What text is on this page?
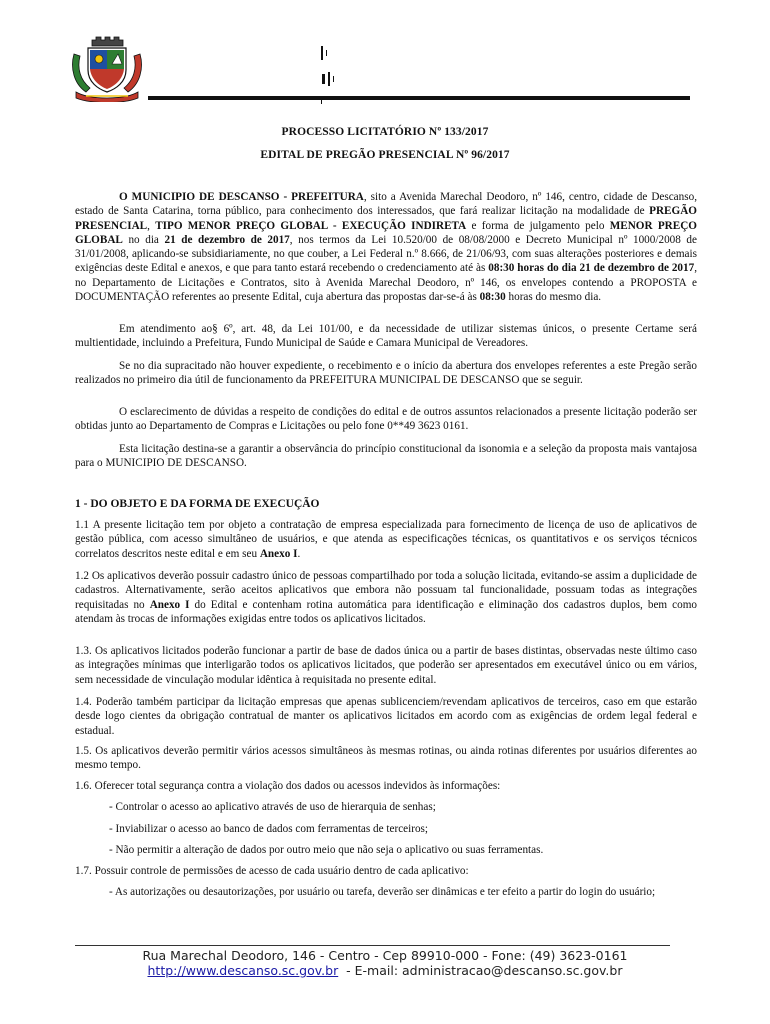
PROCESSO LICITATÓRIO Nº 133/2017
EDITAL DE PREGÃO PRESENCIAL Nº 96/2017

O MUNICIPIO DE DESCANSO - PREFEITURA, sito a Avenida Marechal Deodoro, nº 146, centro, cidade de Descanso, estado de Santa Catarina, torna público, para conhecimento dos interessados, que fará realizar licitação na modalidade de PREGÃO PRESENCIAL, TIPO MENOR PREÇO GLOBAL - EXECUÇÃO INDIRETA e forma de julgamento pelo MENOR PREÇO GLOBAL no dia 21 de dezembro de 2017, nos termos da Lei 10.520/00 de 08/08/2000 e Decreto Municipal nº 1000/2008 de 31/01/2008, aplicando-se subsidiariamente, no que couber, a Lei Federal n.º 8.666, de 21/06/93, com suas alterações posteriores e demais exigências deste Edital e anexos, e que para tanto estará recebendo o credenciamento até às 08:30 horas do dia 21 de dezembro de 2017, no Departamento de Licitações e Contratos, sito à Avenida Marechal Deodoro, nº 146, os envelopes contendo a PROPOSTA e DOCUMENTAÇÃO referentes ao presente Edital, cuja abertura das propostas dar-se-á às 08:30 horas do mesmo dia.

Em atendimento ao§ 6º, art. 48, da Lei 101/00, e da necessidade de utilizar sistemas únicos, o presente Certame será multientidade, incluindo a Prefeitura, Fundo Municipal de Saúde e Camara Municipal de Vereadores.

Se no dia supracitado não houver expediente, o recebimento e o início da abertura dos envelopes referentes a este Pregão serão realizados no primeiro dia útil de funcionamento da PREFEITURA MUNICIPAL DE DESCANSO que se seguir.

O esclarecimento de dúvidas a respeito de condições do edital e de outros assuntos relacionados a presente licitação poderão ser obtidas junto ao Departamento de Compras e Licitações ou pelo fone 0**49 3623 0161.

Esta licitação destina-se a garantir a observância do princípio constitucional da isonomia e a seleção da proposta mais vantajosa para o MUNICIPIO DE DESCANSO.

1 - DO OBJETO E DA FORMA DE EXECUÇÃO

1.1 A presente licitação tem por objeto a contratação de empresa especializada para fornecimento de licença de uso de aplicativos de gestão pública, com acesso simultâneo de usuários, e que atenda as especificações técnicas, os quantitativos e os serviços técnicos correlatos descritos neste edital e em seu Anexo I.

1.2 Os aplicativos deverão possuir cadastro único de pessoas compartilhado por toda a solução licitada, evitando-se assim a duplicidade de cadastros. Alternativamente, serão aceitos aplicativos que embora não possuam tal funcionalidade, possuam todas as integrações requisitadas no Anexo I do Edital e contenham rotina automática para identificação e eliminação dos cadastros duplos, bem como atendam às trocas de informações exigidas entre todos os aplicativos licitados.

1.3. Os aplicativos licitados poderão funcionar a partir de base de dados única ou a partir de bases distintas, observadas neste último caso as integrações mínimas que interligarão todos os aplicativos licitados, que poderão ser apresentados em executável único ou em vários, sem necessidade de vinculação modular idêntica à requisitada no presente edital.

1.4. Poderão também participar da licitação empresas que apenas sublicenciem/revendam aplicativos de terceiros, caso em que estarão desde logo cientes da obrigação contratual de manter os aplicativos licitados em acordo com as exigências de ordem legal federal e estadual.

1.5. Os aplicativos deverão permitir vários acessos simultâneos às mesmas rotinas, ou ainda rotinas diferentes por usuários diferentes ao mesmo tempo.

1.6. Oferecer total segurança contra a violação dos dados ou acessos indevidos às informações:

- Controlar o acesso ao aplicativo através de uso de hierarquia de senhas;

- Inviabilizar o acesso ao banco de dados com ferramentas de terceiros;

- Não permitir a alteração de dados por outro meio que não seja o aplicativo ou suas ferramentas.

1.7. Possuir controle de permissões de acesso de cada usuário dentro de cada aplicativo:

- As autorizações ou desautorizações, por usuário ou tarefa, deverão ser dinâmicas e ter efeito a partir do login do usuário;

Rua Marechal Deodoro, 146 - Centro - Cep 89910-000 - Fone: (49) 3623-0161
http://www.descanso.sc.gov.br  - E-mail: administracao@descanso.sc.gov.br
